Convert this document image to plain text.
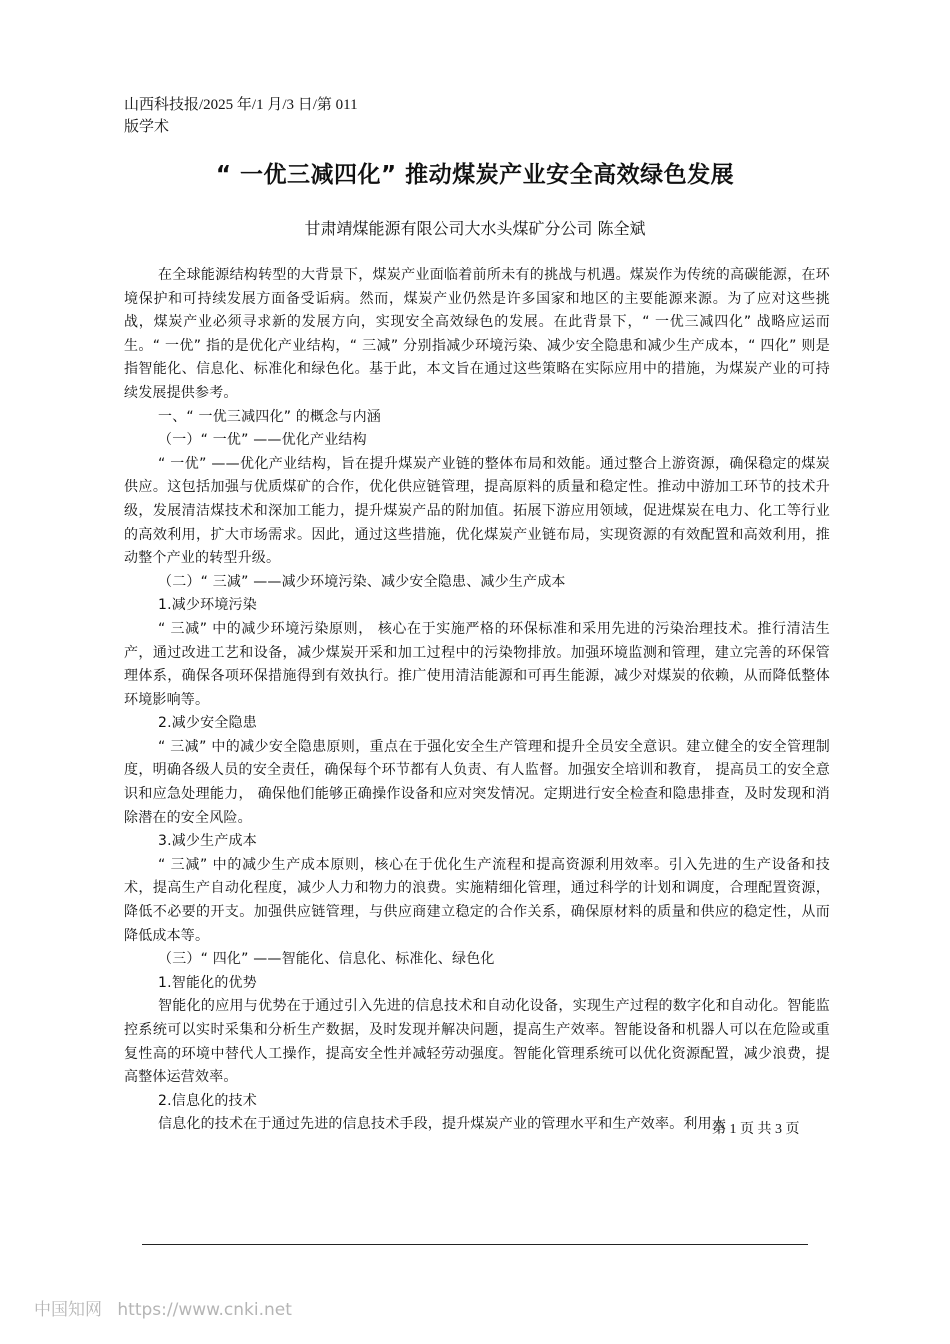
山西科技报/2025 年/1 月/3 日/第 011
版学术
“ 一优三减四化” 推动煤炭产业安全高效绿色发展
甘肃靖煤能源有限公司大水头煤矿分公司 陈全斌

在全球能源结构转型的大背景下，煤炭产业面临着前所未有的挑战与机遇。煤炭作为传统的高碳能源，在环境保护和可持续发展方面备受诟病。然而，煤炭产业仍然是许多国家和地区的主要能源来源。为了应对这些挑战，煤炭产业必须寻求新的发展方向，实现安全高效绿色的发展。在此背景下，“ 一优三减四化” 战略应运而生。“ 一优” 指的是优化产业结构，“ 三减” 分别指减少环境污染、减少安全隐患和减少生产成本，“ 四化” 则是指智能化、信息化、标准化和绿色化。基于此，本文旨在通过这些策略在实际应用中的措施，为煤炭产业的可持续发展提供参考。

一、“ 一优三减四化” 的概念与内涵

（一）“ 一优” ——优化产业结构

“ 一优” ——优化产业结构，旨在提升煤炭产业链的整体布局和效能。通过整合上游资源，确保稳定的煤炭供应。这包括加强与优质煤矿的合作，优化供应链管理，提高原料的质量和稳定性。推动中游加工环节的技术升级，发展清洁煤技术和深加工能力，提升煤炭产品的附加值。拓展下游应用领域，促进煤炭在电力、化工等行业的高效利用，扩大市场需求。因此，通过这些措施，优化煤炭产业链布局，实现资源的有效配置和高效利用，推动整个产业的转型升级。

（二）“ 三减” ——减少环境污染、减少安全隐患、减少生产成本

1.减少环境污染

“ 三减” 中的减少环境污染原则， 核心在于实施严格的环保标准和采用先进的污染治理技术。推行清洁生产，通过改进工艺和设备，减少煤炭开采和加工过程中的污染物排放。加强环境监测和管理，建立完善的环保管理体系，确保各项环保措施得到有效执行。推广使用清洁能源和可再生能源，减少对煤炭的依赖，从而降低整体环境影响等。

2.减少安全隐患

“ 三减” 中的减少安全隐患原则，重点在于强化安全生产管理和提升全员安全意识。建立健全的安全管理制度，明确各级人员的安全责任，确保每个环节都有人负责、有人监督。加强安全培训和教育， 提高员工的安全意识和应急处理能力， 确保他们能够正确操作设备和应对突发情况。定期进行安全检查和隐患排查，及时发现和消除潜在的安全风险。

3.减少生产成本

“ 三减” 中的减少生产成本原则，核心在于优化生产流程和提高资源利用效率。引入先进的生产设备和技术，提高生产自动化程度，减少人力和物力的浪费。实施精细化管理，通过科学的计划和调度，合理配置资源，降低不必要的开支。加强供应链管理，与供应商建立稳定的合作关系，确保原材料的质量和供应的稳定性，从而降低成本等。

（三）“ 四化” ——智能化、信息化、标准化、绿色化

1.智能化的优势

智能化的应用与优势在于通过引入先进的信息技术和自动化设备，实现生产过程的数字化和自动化。智能监控系统可以实时采集和分析生产数据，及时发现并解决问题，提高生产效率。智能设备和机器人可以在危险或重复性高的环境中替代人工操作，提高安全性并减轻劳动强度。智能化管理系统可以优化资源配置，减少浪费，提高整体运营效率。

2.信息化的技术

信息化的技术在于通过先进的信息技术手段，提升煤炭产业的管理水平和生产效率。利用大

第 1 页 共 3 页
中国知网 https://www.cnki.net
